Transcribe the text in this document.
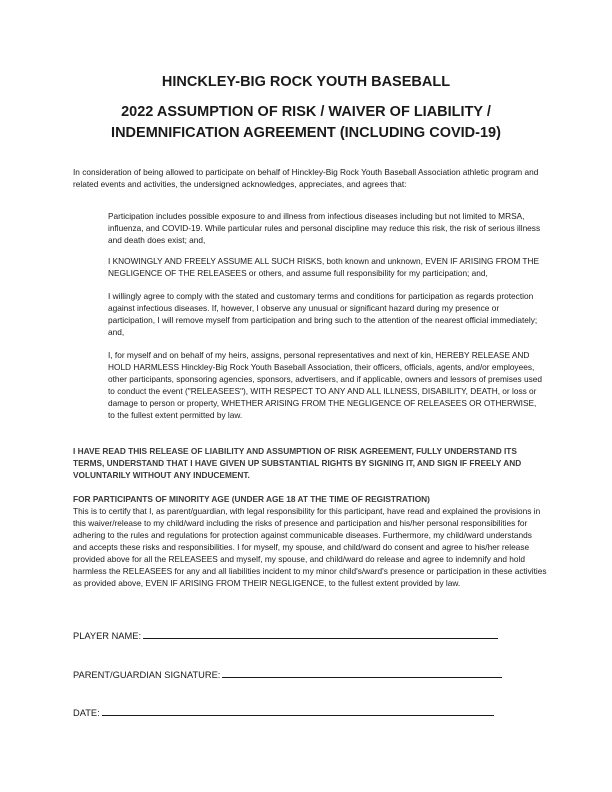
HINCKLEY-BIG ROCK YOUTH BASEBALL
2022 ASSUMPTION OF RISK / WAIVER OF LIABILITY /
INDEMNIFICATION AGREEMENT (INCLUDING COVID-19)
In consideration of being allowed to participate on behalf of Hinckley-Big Rock Youth Baseball Association athletic program and related events and activities, the undersigned acknowledges, appreciates, and agrees that:
Participation includes possible exposure to and illness from infectious diseases including but not limited to MRSA, influenza, and COVID-19. While particular rules and personal discipline may reduce this risk, the risk of serious illness and death does exist; and,
I KNOWINGLY AND FREELY ASSUME ALL SUCH RISKS, both known and unknown, EVEN IF ARISING FROM THE NEGLIGENCE OF THE RELEASEES or others, and assume full responsibility for my participation; and,
I willingly agree to comply with the stated and customary terms and conditions for participation as regards protection against infectious diseases. If, however, I observe any unusual or significant hazard during my presence or participation, I will remove myself from participation and bring such to the attention of the nearest official immediately; and,
I, for myself and on behalf of my heirs, assigns, personal representatives and next of kin, HEREBY RELEASE AND HOLD HARMLESS Hinckley-Big Rock Youth Baseball Association, their officers, officials, agents, and/or employees, other participants, sponsoring agencies, sponsors, advertisers, and if applicable, owners and lessors of premises used to conduct the event ("RELEASEES"), WITH RESPECT TO ANY AND ALL ILLNESS, DISABILITY, DEATH, or loss or damage to person or property, WHETHER ARISING FROM THE NEGLIGENCE OF RELEASEES OR OTHERWISE, to the fullest extent permitted by law.
I HAVE READ THIS RELEASE OF LIABILITY AND ASSUMPTION OF RISK AGREEMENT, FULLY UNDERSTAND ITS TERMS, UNDERSTAND THAT I HAVE GIVEN UP SUBSTANTIAL RIGHTS BY SIGNING IT, AND SIGN IF FREELY AND VOLUNTARILY WITHOUT ANY INDUCEMENT.
FOR PARTICIPANTS OF MINORITY AGE (UNDER AGE 18 AT THE TIME OF REGISTRATION)
This is to certify that I, as parent/guardian, with legal responsibility for this participant, have read and explained the provisions in this waiver/release to my child/ward including the risks of presence and participation and his/her personal responsibilities for adhering to the rules and regulations for protection against communicable diseases. Furthermore, my child/ward understands and accepts these risks and responsibilities. I for myself, my spouse, and child/ward do consent and agree to his/her release provided above for all the RELEASEES and myself, my spouse, and child/ward do release and agree to indemnify and hold harmless the RELEASEES for any and all liabilities incident to my minor child's/ward's presence or participation in these activities as provided above, EVEN IF ARISING FROM THEIR NEGLIGENCE, to the fullest extent provided by law.
PLAYER NAME:
PARENT/GUARDIAN SIGNATURE:
DATE:
